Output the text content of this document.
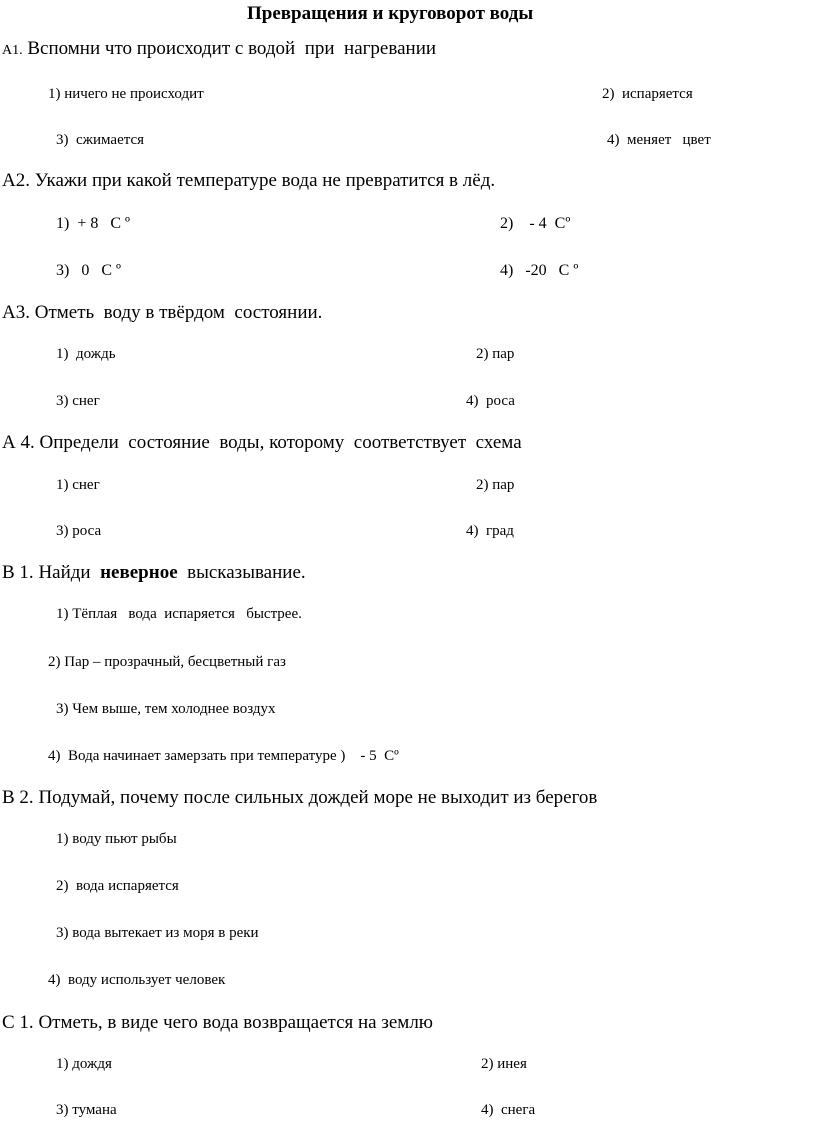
Превращения и круговорот воды
А1. Вспомни что происходит с водой  при  нагревании
1) ничего не происходит	2)  испаряется
3)  сжимается	4)  меняет   цвет
А2. Укажи при какой температуре вода не превратится в лёд.
1)  + 8   С º	2)    - 4  Сº
3)   0   С º	4)   -20   С º
А3. Отметь  воду в твёрдом  состоянии.
1)  дождь	2) пар
3) снег	4)  роса
А 4. Определи  состояние  воды, которому  соответствует  схема
1) снег	2) пар
3) роса	4)  град
В 1. Найди  неверное  высказывание.
1) Тёплая   вода  испаряется   быстрее.
2) Пар – прозрачный, бесцветный газ
3) Чем выше, тем холоднее воздух
4)  Вода начинает замерзать при температуре )    - 5  Сº
В 2. Подумай, почему после сильных дождей море не выходит из берегов
1) воду пьют рыбы
2)  вода испаряется
3) вода вытекает из моря в реки
4)  воду использует человек
С 1. Отметь, в виде чего вода возвращается на землю
1) дождя	2) инея
3) тумана	4)  снега
